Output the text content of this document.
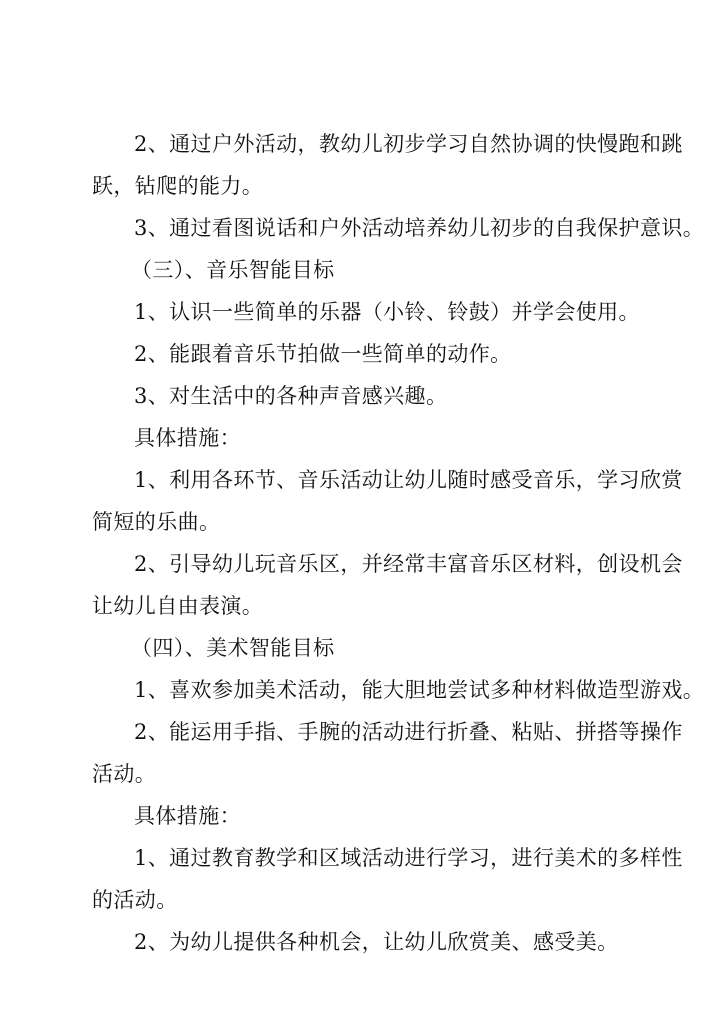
2、通过户外活动，教幼儿初步学习自然协调的快慢跑和跳
跃，钻爬的能力。
3、通过看图说话和户外活动培养幼儿初步的自我保护意识。
（三）、音乐智能目标
1、认识一些简单的乐器（小铃、铃鼓）并学会使用。
2、能跟着音乐节拍做一些简单的动作。
3、对生活中的各种声音感兴趣。
具体措施：
1、利用各环节、音乐活动让幼儿随时感受音乐，学习欣赏
简短的乐曲。
2、引导幼儿玩音乐区，并经常丰富音乐区材料，创设机会
让幼儿自由表演。
（四）、美术智能目标
1、喜欢参加美术活动，能大胆地尝试多种材料做造型游戏。
2、能运用手指、手腕的活动进行折叠、粘贴、拼搭等操作
活动。
具体措施：
1、通过教育教学和区域活动进行学习，进行美术的多样性
的活动。
2、为幼儿提供各种机会，让幼儿欣赏美、感受美。
